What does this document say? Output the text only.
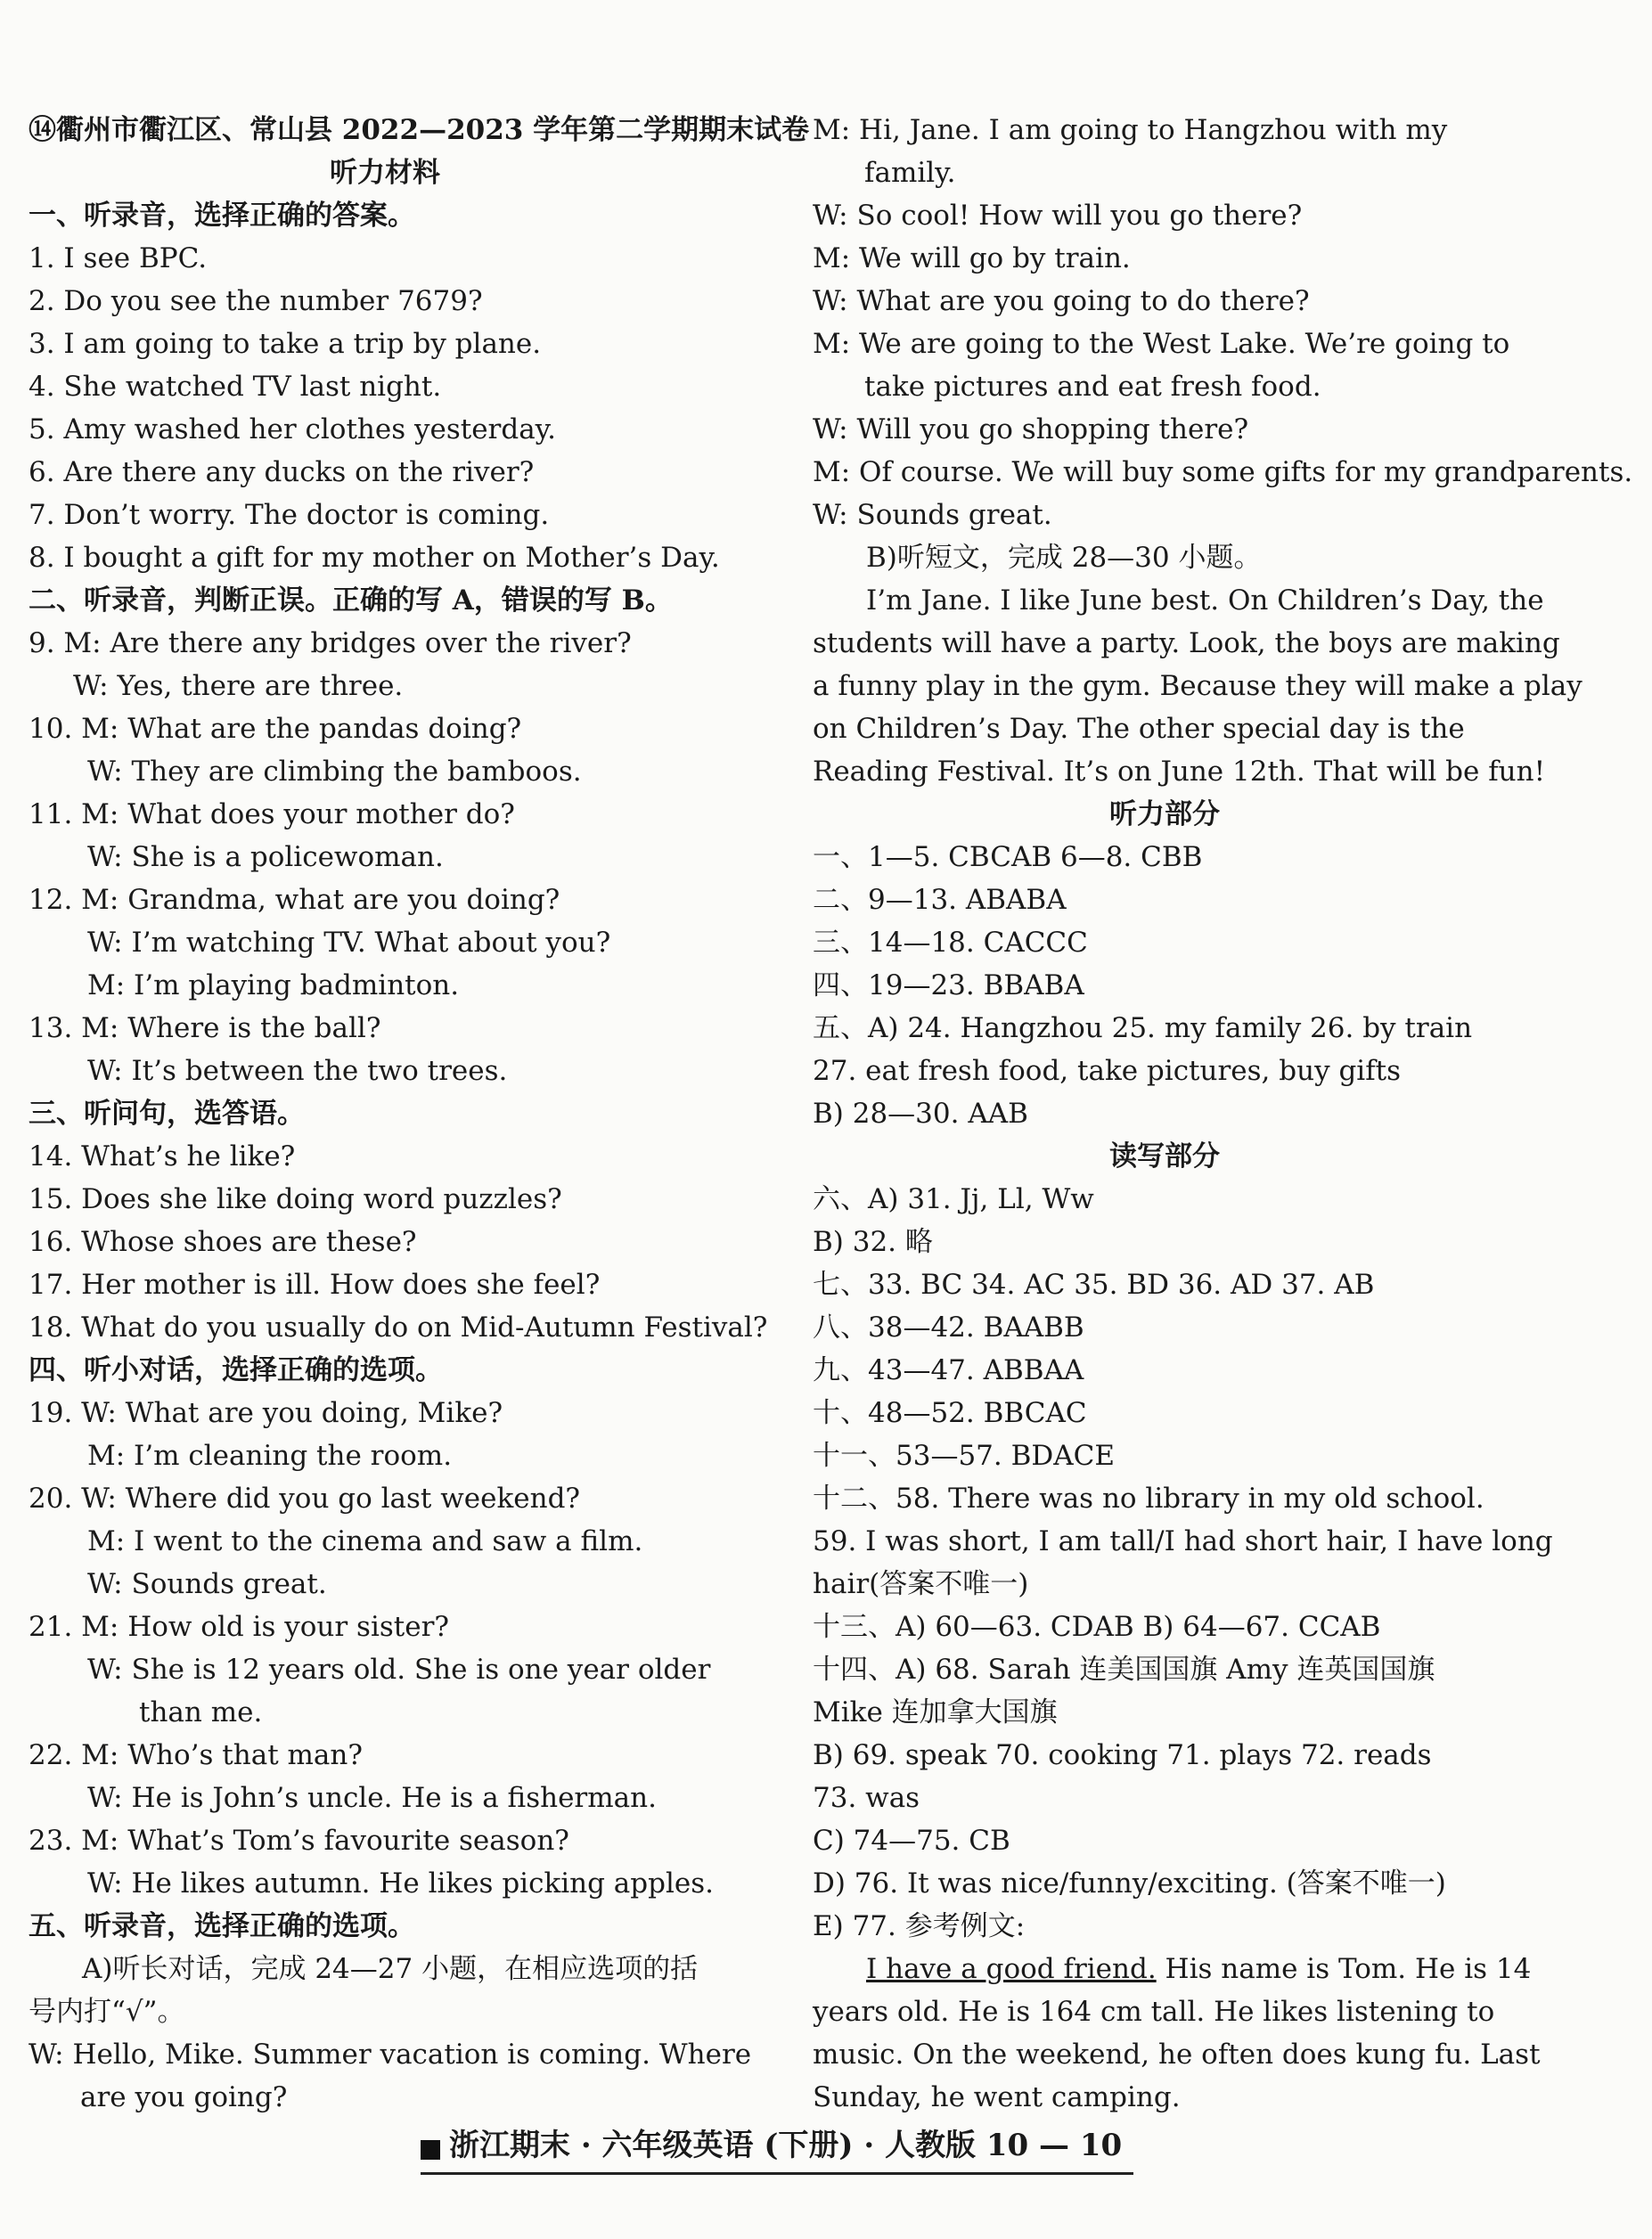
⑭衢州市衢江区、常山县 2022—2023 学年第二学期期末试卷
听力材料
一、听录音，选择正确的答案。
1. I see BPC.
2. Do you see the number 7679?
3. I am going to take a trip by plane.
4. She watched TV last night.
5. Amy washed her clothes yesterday.
6. Are there any ducks on the river?
7. Don’t worry. The doctor is coming.
8. I bought a gift for my mother on Mother’s Day.
二、听录音，判断正误。正确的写 A，错误的写 B。
9. M: Are there any bridges over the river?
W: Yes, there are three.
10. M: What are the pandas doing?
W: They are climbing the bamboos.
11. M: What does your mother do?
W: She is a policewoman.
12. M: Grandma, what are you doing?
W: I’m watching TV. What about you?
M: I’m playing badminton.
13. M: Where is the ball?
W: It’s between the two trees.
三、听问句，选答语。
14. What’s he like?
15. Does she like doing word puzzles?
16. Whose shoes are these?
17. Her mother is ill. How does she feel?
18. What do you usually do on Mid-Autumn Festival?
四、听小对话，选择正确的选项。
19. W: What are you doing, Mike?
M: I’m cleaning the room.
20. W: Where did you go last weekend?
M: I went to the cinema and saw a film.
W: Sounds great.
21. M: How old is your sister?
W: She is 12 years old. She is one year older
than me.
22. M: Who’s that man?
W: He is John’s uncle. He is a fisherman.
23. M: What’s Tom’s favourite season?
W: He likes autumn. He likes picking apples.
五、听录音，选择正确的选项。
A)听长对话，完成 24—27 小题，在相应选项的括
号内打“√”。
W: Hello, Mike. Summer vacation is coming. Where
are you going?
M: Hi, Jane. I am going to Hangzhou with my
family.
W: So cool! How will you go there?
M: We will go by train.
W: What are you going to do there?
M: We are going to the West Lake. We’re going to
take pictures and eat fresh food.
W: Will you go shopping there?
M: Of course. We will buy some gifts for my grandparents.
W: Sounds great.
B)听短文，完成 28—30 小题。
I’m Jane. I like June best. On Children’s Day, the
students will have a party. Look, the boys are making
a funny play in the gym. Because they will make a play
on Children’s Day. The other special day is the
Reading Festival. It’s on June 12th. That will be fun!
听力部分
一、1—5. CBCAB 6—8. CBB
二、9—13. ABABA
三、14—18. CACCC
四、19—23. BBABA
五、A) 24. Hangzhou 25. my family 26. by train
27. eat fresh food, take pictures, buy gifts
B) 28—30. AAB
读写部分
六、A) 31. Jj, Ll, Ww
B) 32. 略
七、33. BC 34. AC 35. BD 36. AD 37. AB
八、38—42. BAABB
九、43—47. ABBAA
十、48—52. BBCAC
十一、53—57. BDACE
十二、58. There was no library in my old school.
59. I was short, I am tall/I had short hair, I have long
hair(答案不唯一)
十三、A) 60—63. CDAB B) 64—67. CCAB
十四、A) 68. Sarah 连美国国旗 Amy 连英国国旗
Mike 连加拿大国旗
B) 69. speak 70. cooking 71. plays 72. reads
73. was
C) 74—75. CB
D) 76. It was nice/funny/exciting. (答案不唯一)
E) 77. 参考例文:
I have a good friend. His name is Tom. He is 14
years old. He is 164 cm tall. He likes listening to
music. On the weekend, he often does kung fu. Last
Sunday, he went camping.
浙江期末 · 六年级英语 (下册) · 人教版 10 — 10
